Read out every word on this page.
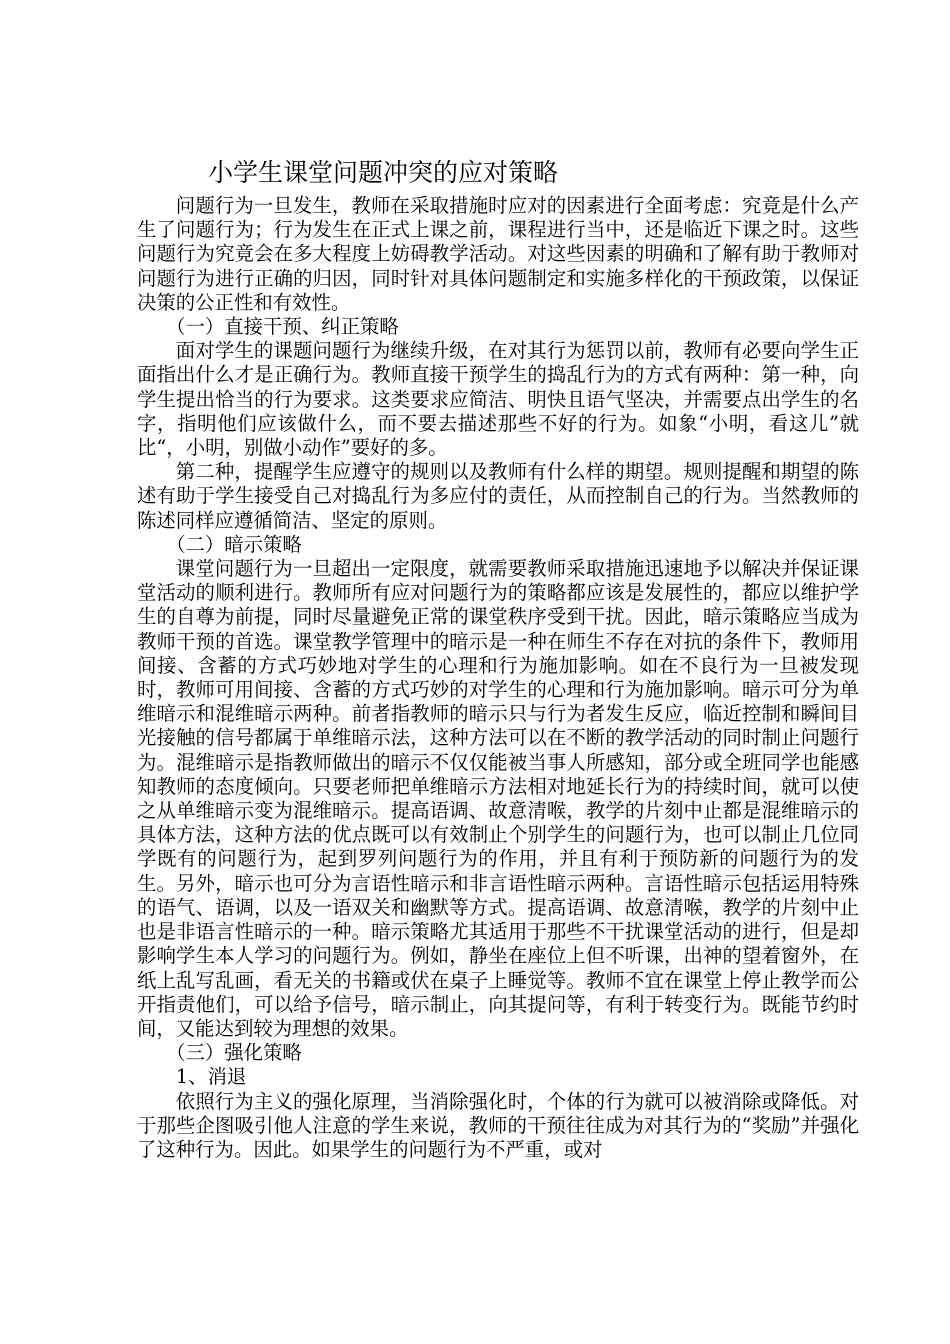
小学生课堂问题冲突的应对策略

问题行为一旦发生，教师在采取措施时应对的因素进行全面考虑：究竟是什么产生了问题行为；行为发生在正式上课之前，课程进行当中，还是临近下课之时。这些问题行为究竟会在多大程度上妨碍教学活动。对这些因素的明确和了解有助于教师对问题行为进行正确的归因，同时针对具体问题制定和实施多样化的干预政策，以保证决策的公正性和有效性。

（一）直接干预、纠正策略

面对学生的课题问题行为继续升级，在对其行为惩罚以前，教师有必要向学生正面指出什么才是正确行为。教师直接干预学生的捣乱行为的方式有两种：第一种，向学生提出恰当的行为要求。这类要求应简洁、明快且语气坚决，并需要点出学生的名字，指明他们应该做什么，而不要去描述那些不好的行为。如象“小明，看这儿”就比“，小明，别做小动作”要好的多。

第二种，提醒学生应遵守的规则以及教师有什么样的期望。规则提醒和期望的陈述有助于学生接受自己对捣乱行为多应付的责任，从而控制自己的行为。当然教师的陈述同样应遵循简洁、坚定的原则。

（二）暗示策略

课堂问题行为一旦超出一定限度，就需要教师采取措施迅速地予以解决并保证课堂活动的顺利进行。教师所有应对问题行为的策略都应该是发展性的，都应以维护学生的自尊为前提，同时尽量避免正常的课堂秩序受到干扰。因此，暗示策略应当成为教师干预的首选。课堂教学管理中的暗示是一种在师生不存在对抗的条件下，教师用间接、含蓄的方式巧妙地对学生的心理和行为施加影响。如在不良行为一旦被发现时，教师可用间接、含蓄的方式巧妙的对学生的心理和行为施加影响。暗示可分为单维暗示和混维暗示两种。前者指教师的暗示只与行为者发生反应，临近控制和瞬间目光接触的信号都属于单维暗示法，这种方法可以在不断的教学活动的同时制止问题行为。混维暗示是指教师做出的暗示不仅仅能被当事人所感知，部分或全班同学也能感知教师的态度倾向。只要老师把单维暗示方法相对地延长行为的持续时间，就可以使之从单维暗示变为混维暗示。提高语调、故意清喉，教学的片刻中止都是混维暗示的具体方法，这种方法的优点既可以有效制止个别学生的问题行为，也可以制止几位同学既有的问题行为，起到罗列问题行为的作用，并且有利于预防新的问题行为的发生。另外，暗示也可分为言语性暗示和非言语性暗示两种。言语性暗示包括运用特殊的语气、语调，以及一语双关和幽默等方式。提高语调、故意清喉，教学的片刻中止也是非语言性暗示的一种。暗示策略尤其适用于那些不干扰课堂活动的进行，但是却影响学生本人学习的问题行为。例如，静坐在座位上但不听课，出神的望着窗外，在纸上乱写乱画，看无关的书籍或伏在桌子上睡觉等。教师不宜在课堂上停止教学而公开指责他们，可以给予信号，暗示制止，向其提问等，有利于转变行为。既能节约时间，又能达到较为理想的效果。

（三）强化策略

1、消退

依照行为主义的强化原理，当消除强化时，个体的行为就可以被消除或降低。对于那些企图吸引他人注意的学生来说，教师的干预往往成为对其行为的“奖励”并强化了这种行为。因此。如果学生的问题行为不严重，或对
